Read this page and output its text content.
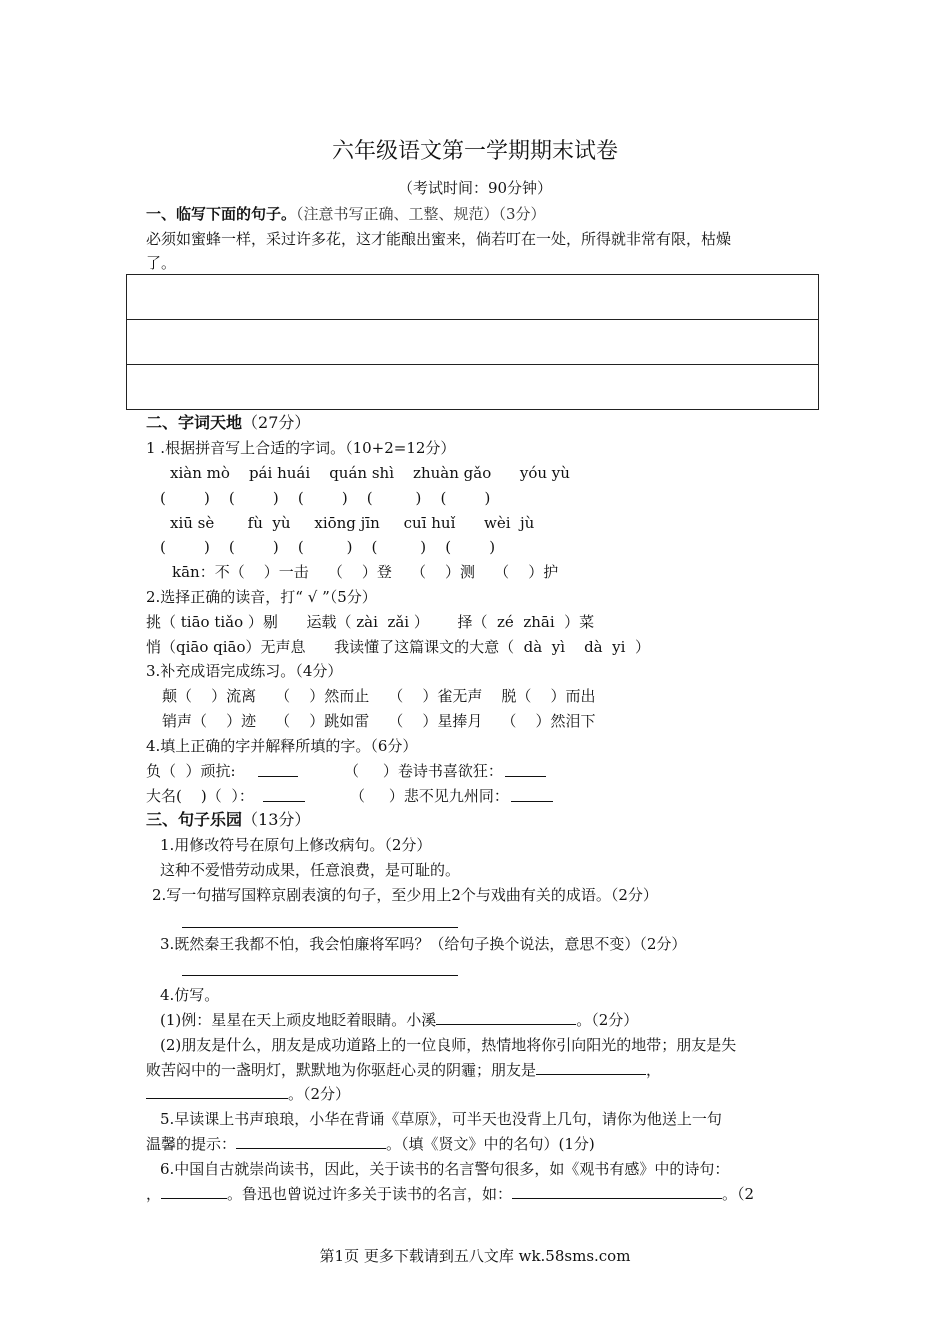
六年级语文第一学期期末试卷
（考试时间：90分钟）
一、临写下面的句子。（注意书写正确、工整、规范）（3分）
必须如蜜蜂一样，采过许多花，这才能酿出蜜来，倘若叮在一处，所得就非常有限，枯燥
了。
二、字词天地（27分）
1 .根据拼音写上合适的字词。（10+2=12分）
xiàn mò    pái huái    quán shì    zhuàn gǎo      yóu yù
(        )    (        )    (        )    (         )    (        )
xiū sè       fù  yù     xiōng jīn     cuī huǐ      wèi  jù
(        )    (        )    (         )    (         )    (        )
kān：不（    ）一击    （    ）登    （    ）测    （    ）护
2.选择正确的读音，打“ √ ”（5分）
挑（ tiāo tiǎo ）剔      运载（ zài  zǎi ）      择（  zé  zhāi  ）菜
悄（qiāo qiāo）无声息      我读懂了这篇课文的大意（  dà  yì    dà  yi  ）
3.补充成语完成练习。（4分）
颠（    ）流离    （    ）然而止    （    ）雀无声    脱（    ）而出
销声（    ）迹    （    ）跳如雷    （    ）星捧月    （    ）然泪下
4.填上正确的字并解释所填的字。（6分）
负（  ）顽抗:	（     ）卷诗书喜欲狂：
大名(    )（  ）：	（     ）悲不见九州同：
三、句子乐园（13分）
1.用修改符号在原句上修改病句。（2分）
这种不爱惜劳动成果，任意浪费，是可耻的。
2.写一句描写国粹京剧表演的句子，至少用上2个与戏曲有关的成语。（2分）
3.既然秦王我都不怕，我会怕廉将军吗？（给句子换个说法，意思不变）（2分）
4.仿写。
(1)例：星星在天上顽皮地眨着眼睛。小溪	。（2分）
(2)朋友是什么，朋友是成功道路上的一位良师，热情地将你引向阳光的地带；朋友是失
败苦闷中的一盏明灯，默默地为你驱赶心灵的阴霾；朋友是	，
。（2分）
5.早读课上书声琅琅，小华在背诵《草原》，可半天也没背上几句，请你为他送上一句
温馨的提示：	。（填《贤文》中的名句）(1分)
6.中国自古就崇尚读书，因此，关于读书的名言警句很多，如《观书有感》中的诗句：
，	。鲁迅也曾说过许多关于读书的名言，如：	。（2
第1页 更多下载请到五八文库 wk.58sms.com
